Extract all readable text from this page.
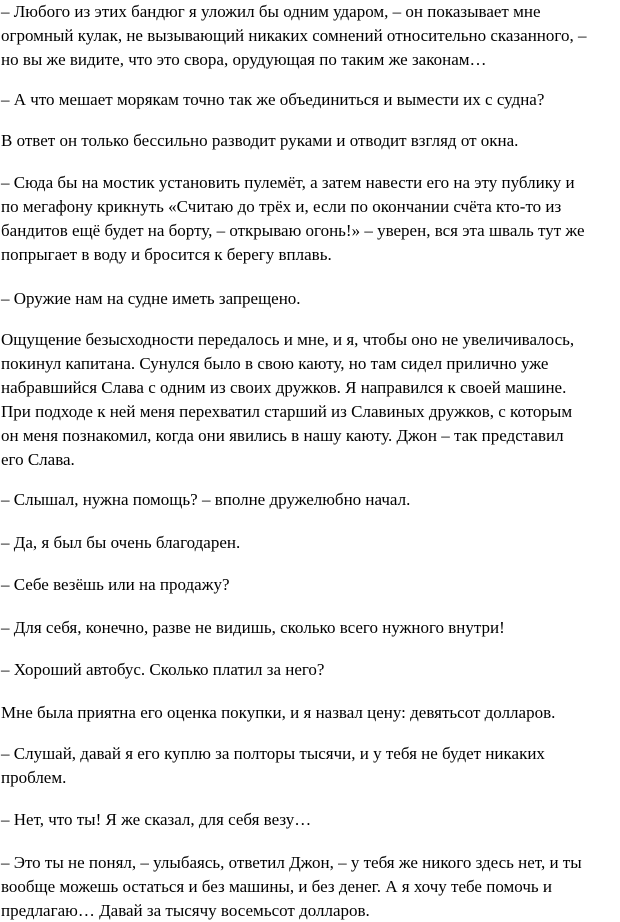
– Любого из этих бандюг я уложил бы одним ударом, – он показывает мне
огромный кулак, не вызывающий никаких сомнений относительно сказанного, –
но вы же видите, что это свора, орудующая по таким же законам…

– А что мешает морякам точно так же объединиться и вымести их с судна?

В ответ он только бессильно разводит руками и отводит взгляд от окна.

– Сюда бы на мостик установить пулемёт, а затем навести его на эту публику и
по мегафону крикнуть «Считаю до трёх и, если по окончании счёта кто-то из
бандитов ещё будет на борту, – открываю огонь!» – уверен, вся эта шваль тут же
попрыгает в воду и бросится к берегу вплавь.

– Оружие нам на судне иметь запрещено.

Ощущение безысходности передалось и мне, и я, чтобы оно не увеличивалось,
покинул капитана. Сунулся было в свою каюту, но там сидел прилично уже
набравшийся Слава с одним из своих дружков. Я направился к своей машине.
При подходе к ней меня перехватил старший из Славиных дружков, с которым
он меня познакомил, когда они явились в нашу каюту. Джон – так представил
его Слава.

– Слышал, нужна помощь? – вполне дружелюбно начал.

– Да, я был бы очень благодарен.

– Себе везёшь или на продажу?

– Для себя, конечно, разве не видишь, сколько всего нужного внутри!

– Хороший автобус. Сколько платил за него?

Мне была приятна его оценка покупки, и я назвал цену: девятьсот долларов.

– Слушай, давай я его куплю за полторы тысячи, и у тебя не будет никаких
проблем.

– Нет, что ты! Я же сказал, для себя везу…

– Это ты не понял, – улыбаясь, ответил Джон, – у тебя же никого здесь нет, и ты
вообще можешь остаться и без машины, и без денег. А я хочу тебе помочь и
предлагаю… Давай за тысячу восемьсот долларов.
